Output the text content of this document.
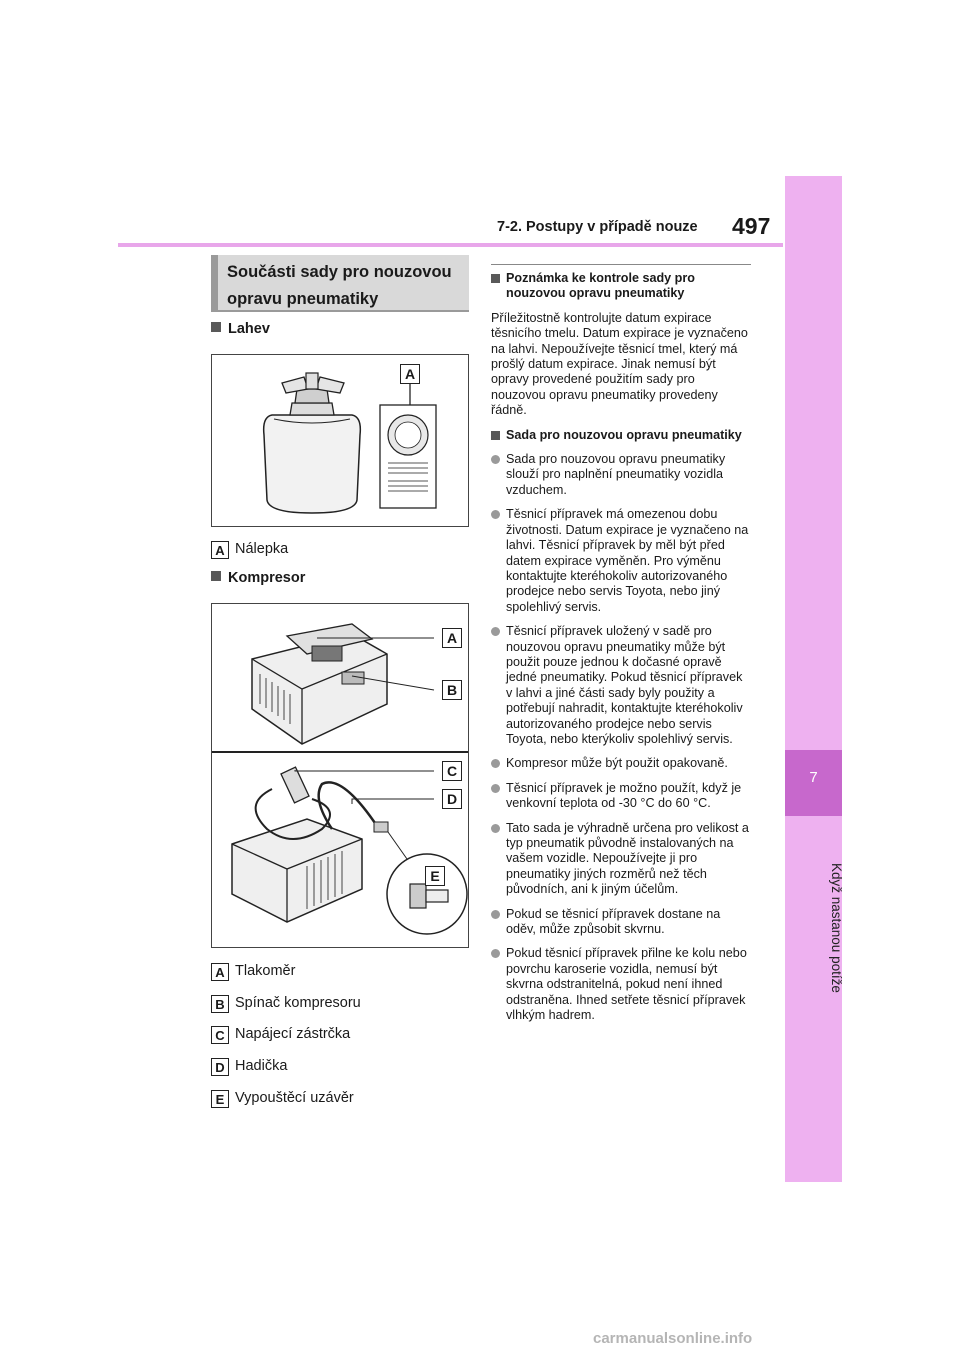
7-2. Postupy v případě nouze 497
7
Když nastanou potíže
Součásti sady pro nouzovou opravu pneumatiky
Lahev
A
A Nálepka
Kompresor
A
B
C
D
E
A Tlakoměr
B Spínač kompresoru
C Napájecí zástrčka
D Hadička
E Vypouštěcí uzávěr
Poznámka ke kontrole sady pro nouzovou opravu pneumatiky
Příležitostně kontrolujte datum expirace těsnicího tmelu. Datum expirace je vyznačeno na lahvi. Nepoužívejte těsnicí tmel, který má prošlý datum expirace. Jinak nemusí být opravy provedené použitím sady pro nouzovou opravu pneumatiky provedeny řádně.
Sada pro nouzovou opravu pneumatiky
Sada pro nouzovou opravu pneumatiky slouží pro naplnění pneumatiky vozidla vzduchem.
Těsnicí přípravek má omezenou dobu životnosti. Datum expirace je vyznačeno na lahvi. Těsnicí přípravek by měl být před datem expirace vyměněn. Pro výměnu kontaktujte kteréhokoliv autorizovaného prodejce nebo servis Toyota, nebo jiný spolehlivý servis.
Těsnicí přípravek uložený v sadě pro nouzovou opravu pneumatiky může být použit pouze jednou k dočasné opravě jedné pneumatiky. Pokud těsnicí přípravek v lahvi a jiné části sady byly použity a potřebují nahradit, kontaktujte kteréhokoliv autorizovaného prodejce nebo servis Toyota, nebo kterýkoliv spolehlivý servis.
Kompresor může být použit opakovaně.
Těsnicí přípravek je možno použít, když je venkovní teplota od -30 °C do 60 °C.
Tato sada je výhradně určena pro velikost a typ pneumatik původně instalovaných na vašem vozidle. Nepoužívejte ji pro pneumatiky jiných rozměrů než těch původních, ani k jiným účelům.
Pokud se těsnicí přípravek dostane na oděv, může způsobit skvrnu.
Pokud těsnicí přípravek přilne ke kolu nebo povrchu karoserie vozidla, nemusí být skvrna odstranitelná, pokud není ihned odstraněna. Ihned setřete těsnicí přípravek vlhkým hadrem.
carmanualsonline.info
